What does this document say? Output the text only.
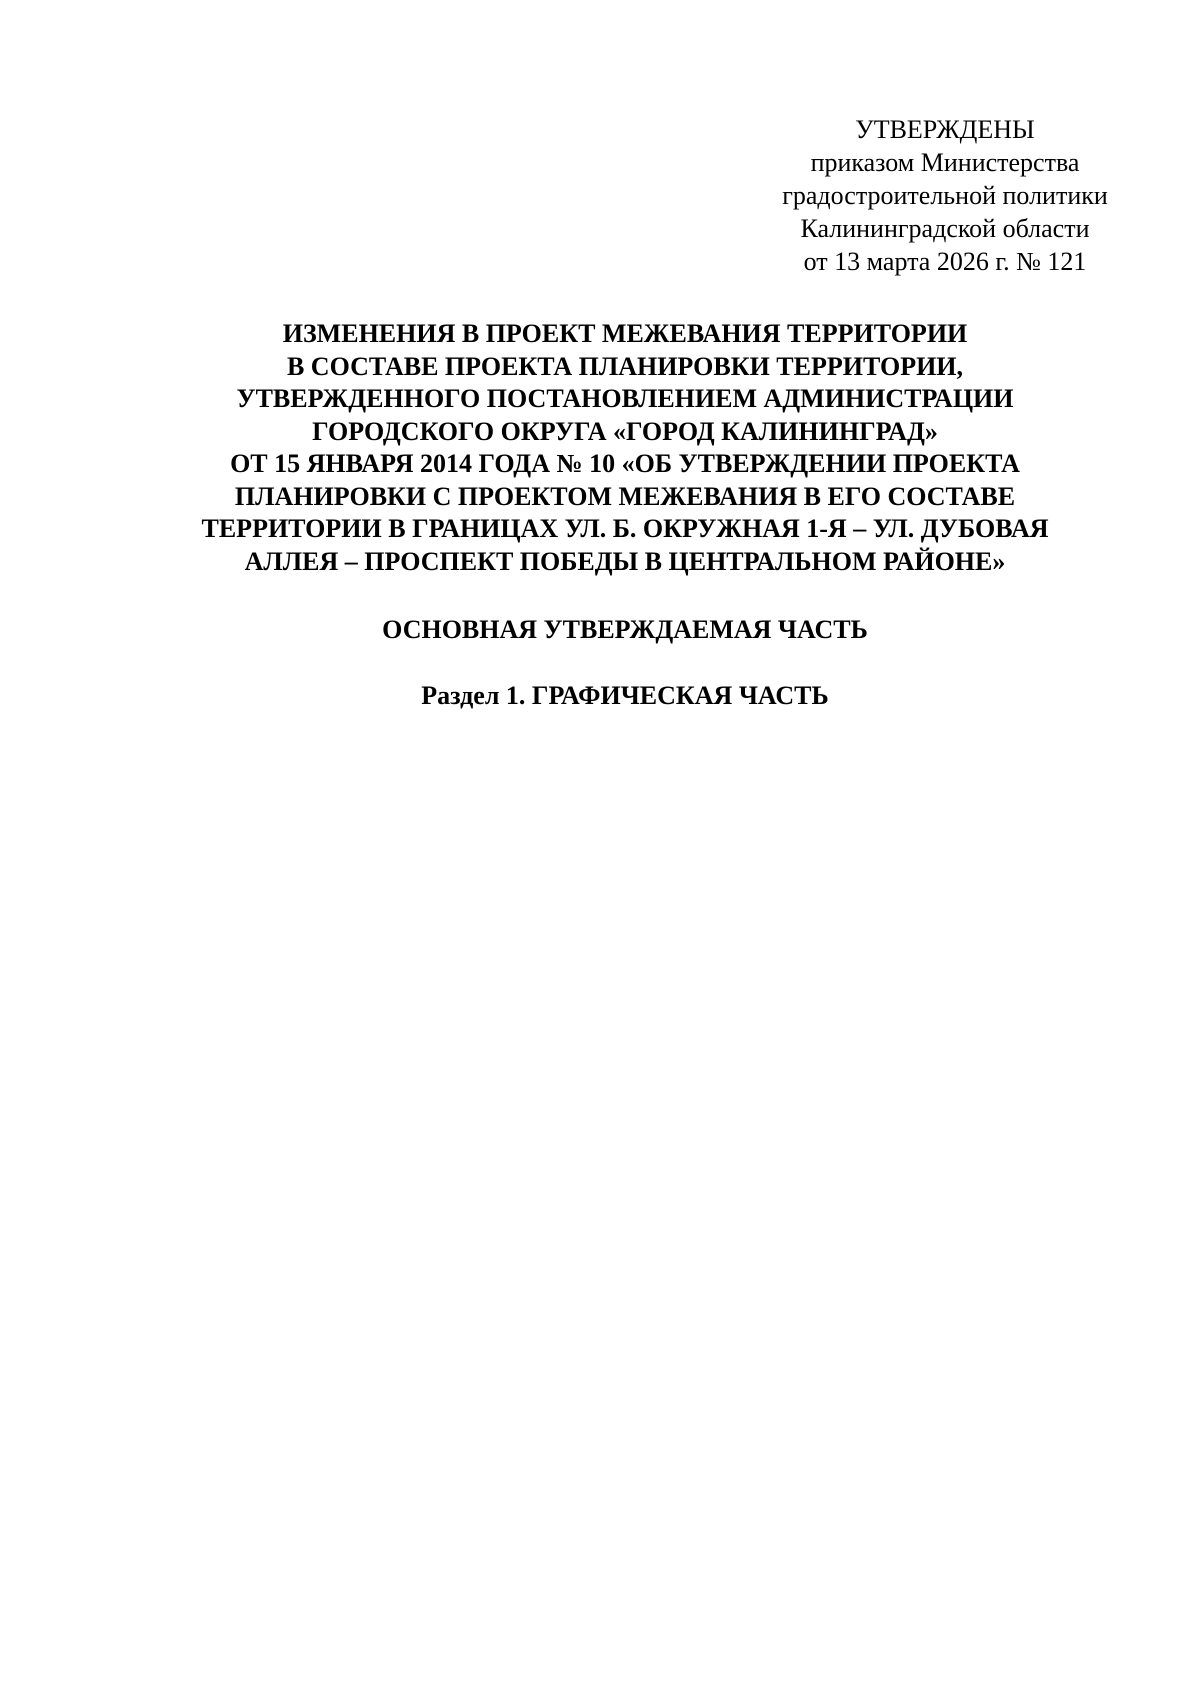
УТВЕРЖДЕНЫ
приказом Министерства
градостроительной политики
Калининградской области
от 13 марта 2026 г. № 121
ИЗМЕНЕНИЯ В ПРОЕКТ МЕЖЕВАНИЯ ТЕРРИТОРИИ
В СОСТАВЕ ПРОЕКТА ПЛАНИРОВКИ ТЕРРИТОРИИ,
УТВЕРЖДЕННОГО ПОСТАНОВЛЕНИЕМ АДМИНИСТРАЦИИ
ГОРОДСКОГО ОКРУГА «ГОРОД КАЛИНИНГРАД»
ОТ 15 ЯНВАРЯ 2014 ГОДА № 10 «ОБ УТВЕРЖДЕНИИ ПРОЕКТА
ПЛАНИРОВКИ С ПРОЕКТОМ МЕЖЕВАНИЯ В ЕГО СОСТАВЕ
ТЕРРИТОРИИ В ГРАНИЦАХ УЛ. Б. ОКРУЖНАЯ 1-Я – УЛ. ДУБОВАЯ
АЛЛЕЯ – ПРОСПЕКТ ПОБЕДЫ В ЦЕНТРАЛЬНОМ РАЙОНЕ»
ОСНОВНАЯ УТВЕРЖДАЕМАЯ ЧАСТЬ
Раздел 1. ГРАФИЧЕСКАЯ ЧАСТЬ
